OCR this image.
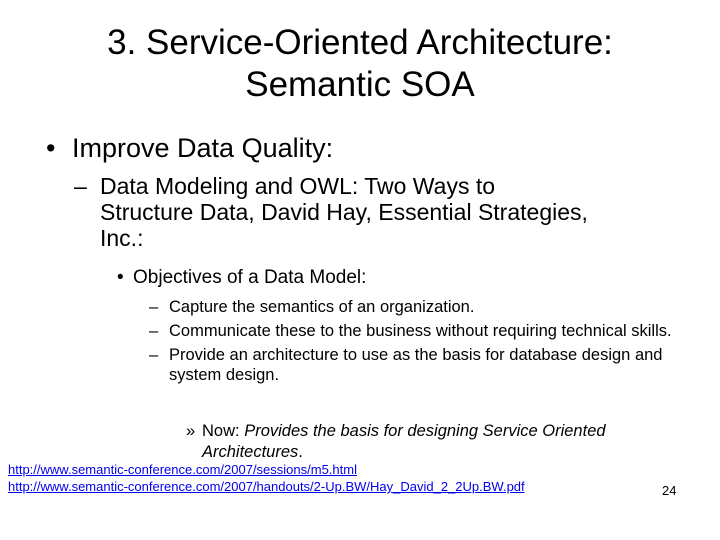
3. Service-Oriented Architecture:
Semantic SOA
• Improve Data Quality:
– Data Modeling and OWL: Two Ways to Structure Data, David Hay, Essential Strategies, Inc.:
• Objectives of a Data Model:
– Capture the semantics of an organization.
– Communicate these to the business without requiring technical skills.
– Provide an architecture to use as the basis for database design and system design.
» Now: Provides the basis for designing Service Oriented Architectures.
http://www.semantic-conference.com/2007/sessions/m5.html
http://www.semantic-conference.com/2007/handouts/2-Up.BW/Hay_David_2_2Up.BW.pdf	24
